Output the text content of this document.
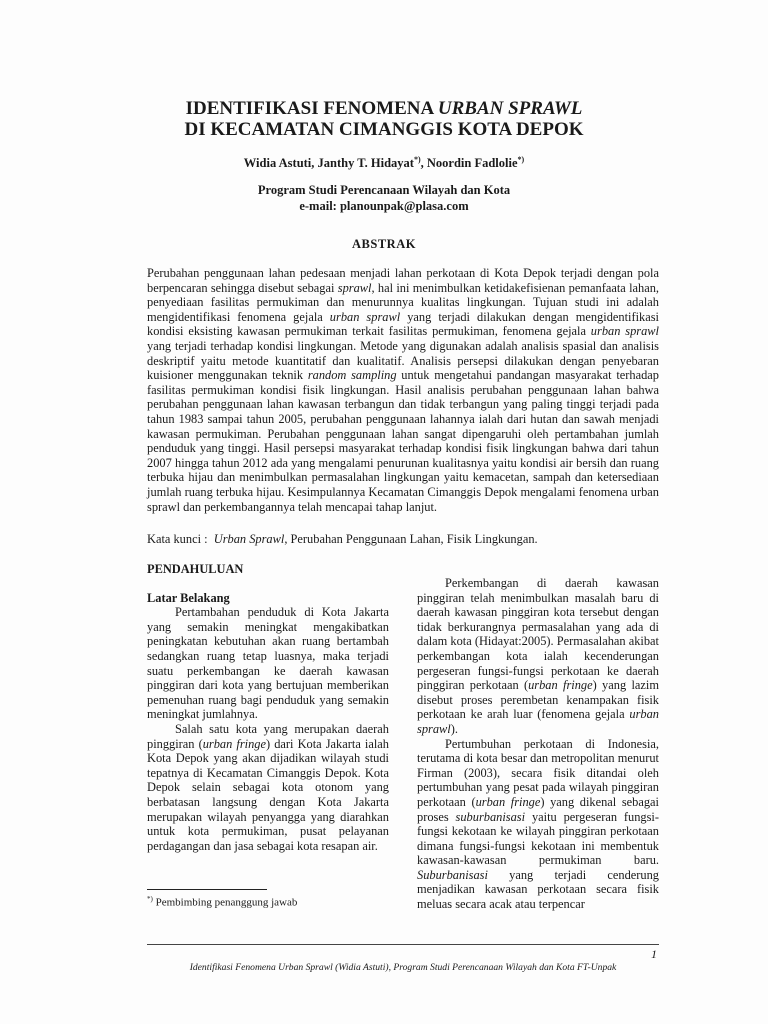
IDENTIFIKASI FENOMENA URBAN SPRAWL
DI KECAMATAN CIMANGGIS KOTA DEPOK
Widia Astuti, Janthy T. Hidayat*), Noordin Fadlolie*)
Program Studi Perencanaan Wilayah dan Kota
e-mail: planounpak@plasa.com
ABSTRAK
Perubahan penggunaan lahan pedesaan menjadi lahan perkotaan di Kota Depok terjadi dengan pola berpencaran sehingga disebut sebagai sprawl, hal ini menimbulkan ketidakefisienan pemanfaata lahan, penyediaan fasilitas permukiman dan menurunnya kualitas lingkungan. Tujuan studi ini adalah mengidentifikasi fenomena gejala urban sprawl yang terjadi dilakukan dengan mengidentifikasi kondisi eksisting kawasan permukiman terkait fasilitas permukiman, fenomena gejala urban sprawl yang terjadi terhadap kondisi lingkungan. Metode yang digunakan adalah analisis spasial dan analisis deskriptif yaitu metode kuantitatif dan kualitatif. Analisis persepsi dilakukan dengan penyebaran kuisioner menggunakan teknik random sampling untuk mengetahui pandangan masyarakat terhadap fasilitas permukiman kondisi fisik lingkungan. Hasil analisis perubahan penggunaan lahan bahwa perubahan penggunaan lahan kawasan terbangun dan tidak terbangun yang paling tinggi terjadi pada tahun 1983 sampai tahun 2005, perubahan penggunaan lahannya ialah dari hutan dan sawah menjadi kawasan permukiman. Perubahan penggunaan lahan sangat dipengaruhi oleh pertambahan jumlah penduduk yang tinggi. Hasil persepsi masyarakat terhadap kondisi fisik lingkungan bahwa dari tahun 2007 hingga tahun 2012 ada yang mengalami penurunan kualitasnya yaitu kondisi air bersih dan ruang terbuka hijau dan menimbulkan permasalahan lingkungan yaitu kemacetan, sampah dan ketersediaan jumlah ruang terbuka hijau. Kesimpulannya Kecamatan Cimanggis Depok mengalami fenomena urban sprawl dan perkembangannya telah mencapai tahap lanjut.
Kata kunci : Urban Sprawl, Perubahan Penggunaan Lahan, Fisik Lingkungan.
PENDAHULUAN
Latar Belakang

Pertambahan penduduk di Kota Jakarta yang semakin meningkat mengakibatkan peningkatan kebutuhan akan ruang bertambah sedangkan ruang tetap luasnya, maka terjadi suatu perkembangan ke daerah kawasan pinggiran dari kota yang bertujuan memberikan pemenuhan ruang bagi penduduk yang semakin meningkat jumlahnya.

Salah satu kota yang merupakan daerah pinggiran (urban fringe) dari Kota Jakarta ialah Kota Depok yang akan dijadikan wilayah studi tepatnya di Kecamatan Cimanggis Depok. Kota Depok selain sebagai kota otonom yang berbatasan langsung dengan Kota Jakarta merupakan wilayah penyangga yang diarahkan untuk kota permukiman, pusat pelayanan perdagangan dan jasa sebagai kota resapan air.

Perkembangan di daerah kawasan pinggiran telah menimbulkan masalah baru di daerah kawasan pinggiran kota tersebut dengan tidak berkurangnya permasalahan yang ada di dalam kota (Hidayat:2005). Permasalahan akibat perkembangan kota ialah kecenderungan pergeseran fungsi-fungsi perkotaan ke daerah pinggiran perkotaan (urban fringe) yang lazim disebut proses perembetan kenampakan fisik perkotaan ke arah luar (fenomena gejala urban sprawl).

Pertumbuhan perkotaan di Indonesia, terutama di kota besar dan metropolitan menurut Firman (2003), secara fisik ditandai oleh pertumbuhan yang pesat pada wilayah pinggiran perkotaan (urban fringe) yang dikenal sebagai proses suburbanisasi yaitu pergeseran fungsi-fungsi kekotaan ke wilayah pinggiran perkotaan dimana fungsi-fungsi kekotaan ini membentuk kawasan-kawasan permukiman baru. Suburbanisasi yang terjadi cenderung menjadikan kawasan perkotaan secara fisik meluas secara acak atau terpencar

*) Pembimbing penanggung jawab
1
Identifikasi Fenomena Urban Sprawl (Widia Astuti), Program Studi Perencanaan Wilayah dan Kota FT-Unpak
